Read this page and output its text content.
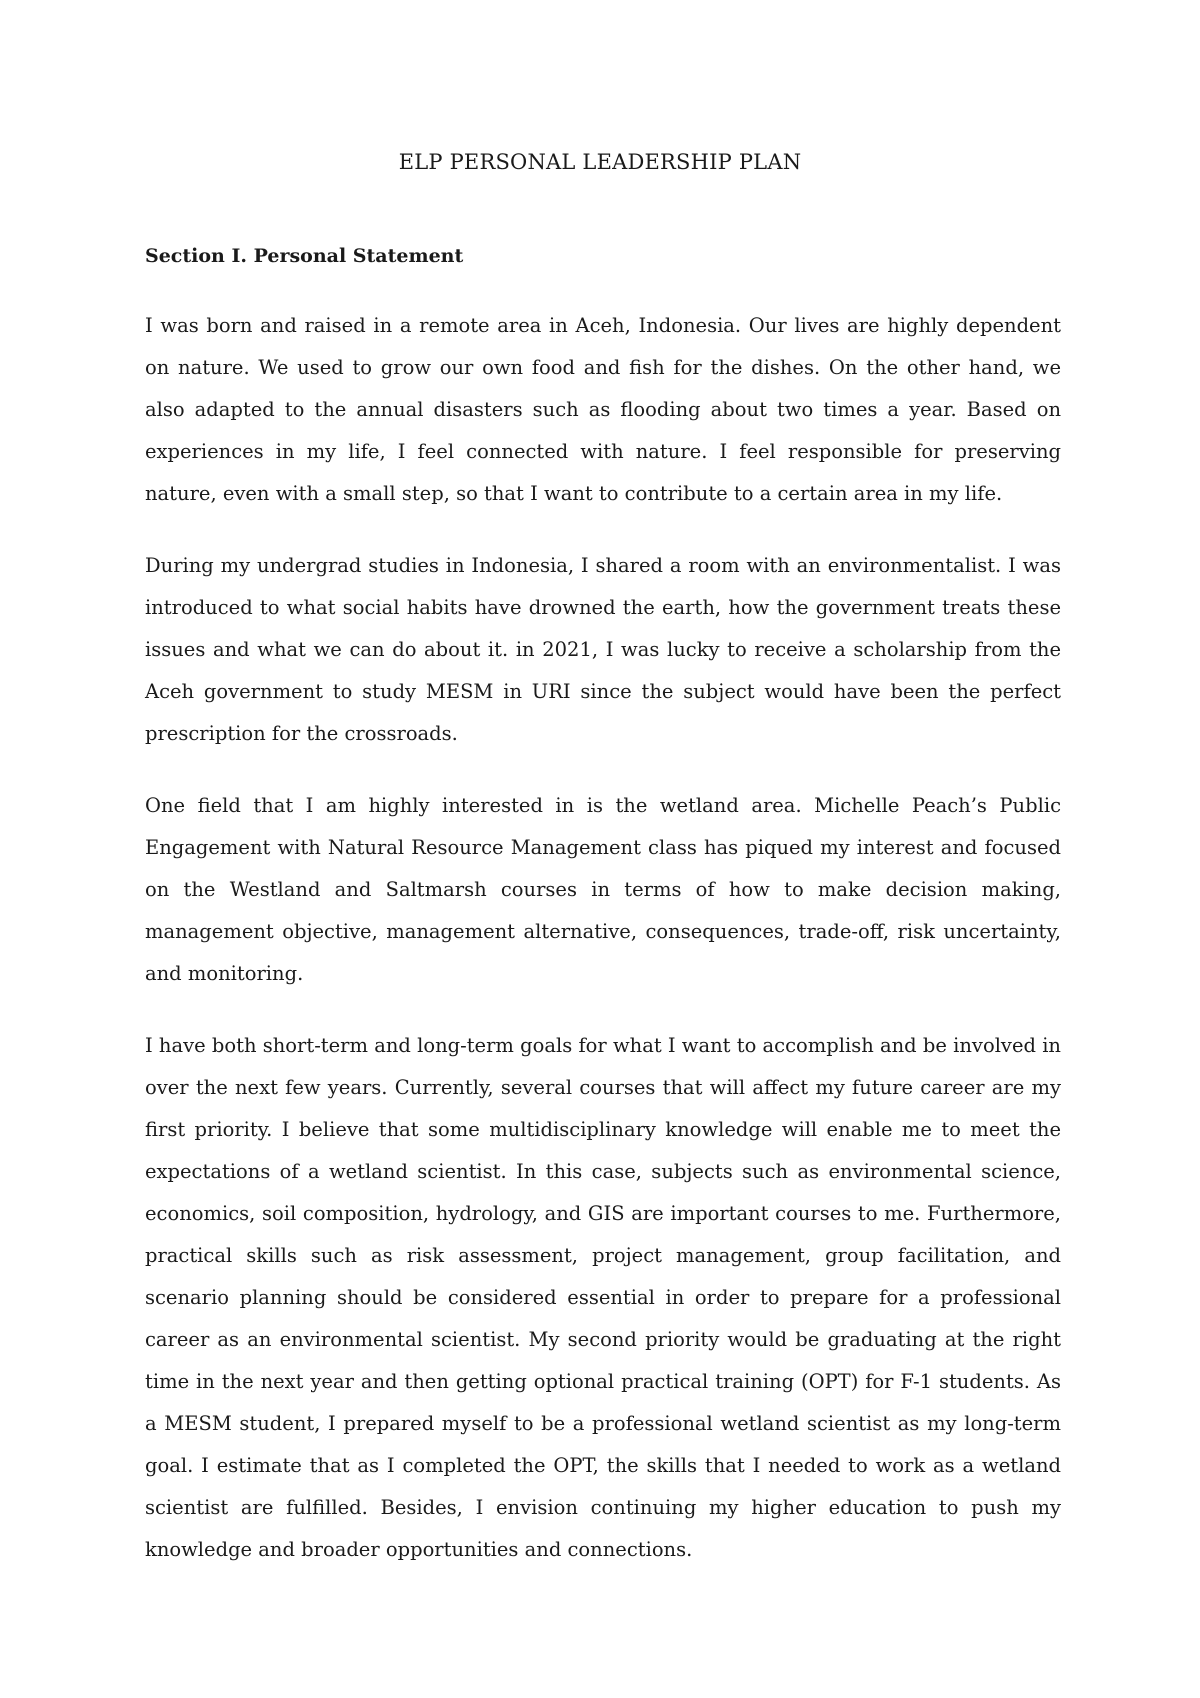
ELP PERSONAL LEADERSHIP PLAN
Section I. Personal Statement

I was born and raised in a remote area in Aceh, Indonesia. Our lives are highly dependent on nature. We used to grow our own food and fish for the dishes. On the other hand, we also adapted to the annual disasters such as flooding about two times a year. Based on experiences in my life, I feel connected with nature. I feel responsible for preserving nature, even with a small step, so that I want to contribute to a certain area in my life.

During my undergrad studies in Indonesia, I shared a room with an environmentalist. I was introduced to what social habits have drowned the earth, how the government treats these issues and what we can do about it. in 2021, I was lucky to receive a scholarship from the Aceh government to study MESM in URI since the subject would have been the perfect prescription for the crossroads.

One field that I am highly interested in is the wetland area. Michelle Peach’s Public Engagement with Natural Resource Management class has piqued my interest and focused on the Westland and Saltmarsh courses in terms of how to make decision making, management objective, management alternative, consequences, trade-off, risk uncertainty, and monitoring.

I have both short-term and long-term goals for what I want to accomplish and be involved in over the next few years. Currently, several courses that will affect my future career are my first priority. I believe that some multidisciplinary knowledge will enable me to meet the expectations of a wetland scientist. In this case, subjects such as environmental science, economics, soil composition, hydrology, and GIS are important courses to me. Furthermore, practical skills such as risk assessment, project management, group facilitation, and scenario planning should be considered essential in order to prepare for a professional career as an environmental scientist. My second priority would be graduating at the right time in the next year and then getting optional practical training (OPT) for F-1 students. As a MESM student, I prepared myself to be a professional wetland scientist as my long-term goal. I estimate that as I completed the OPT, the skills that I needed to work as a wetland scientist are fulfilled. Besides, I envision continuing my higher education to push my knowledge and broader opportunities and connections.
